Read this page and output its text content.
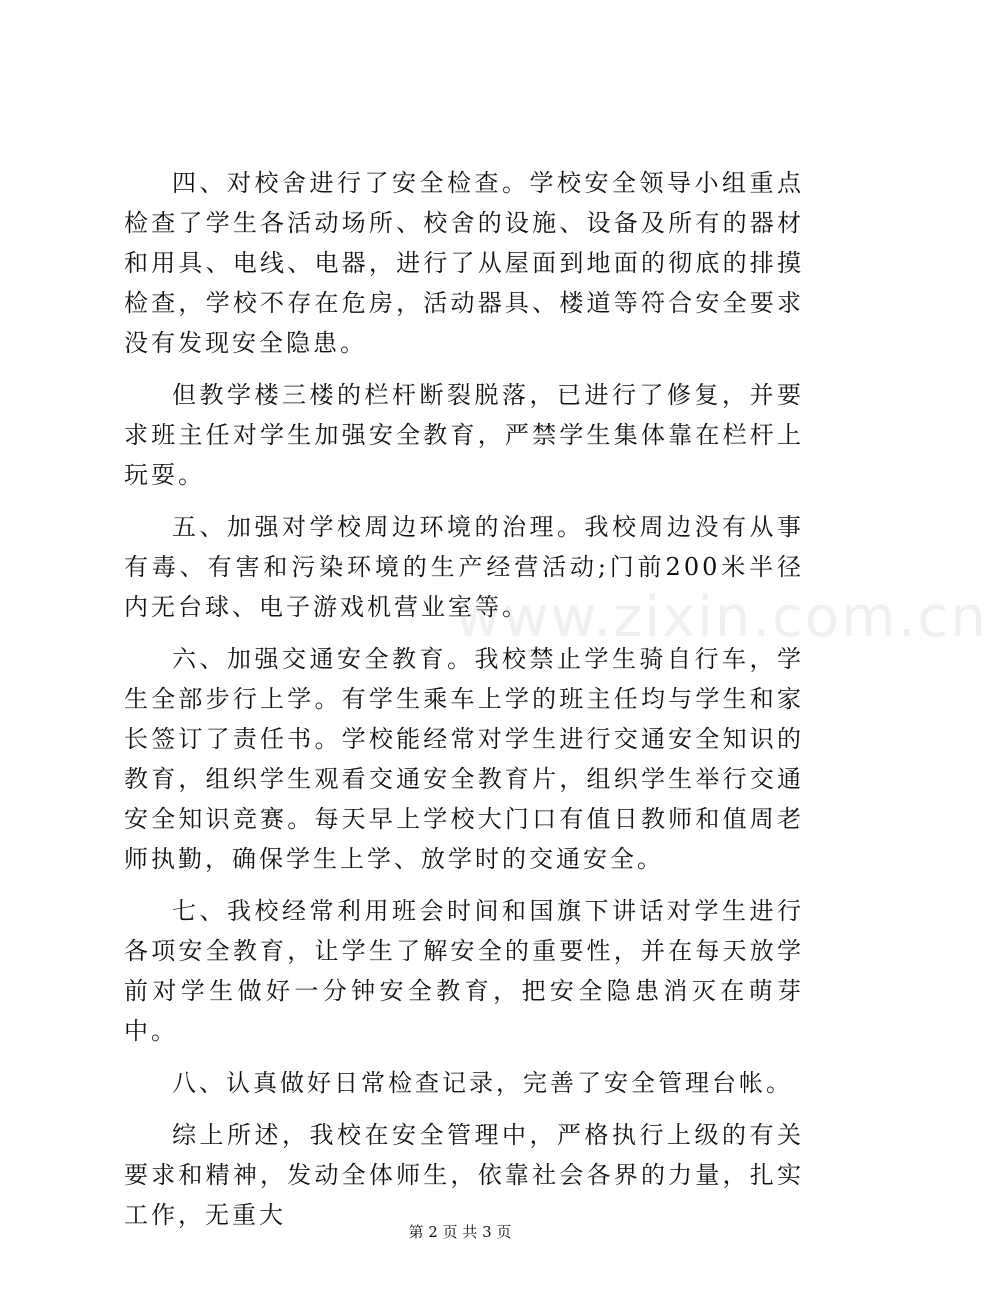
www.zixin.com.cn

四、对校舍进行了安全检查。学校安全领导小组重点检查了学生各活动场所、校舍的设施、设备及所有的器材和用具、电线、电器，进行了从屋面到地面的彻底的排摸检查，学校不存在危房，活动器具、楼道等符合安全要求没有发现安全隐患。

但教学楼三楼的栏杆断裂脱落，已进行了修复，并要求班主任对学生加强安全教育，严禁学生集体靠在栏杆上玩耍。

五、加强对学校周边环境的治理。我校周边没有从事有毒、有害和污染环境的生产经营活动;门前200米半径内无台球、电子游戏机营业室等。

六、加强交通安全教育。我校禁止学生骑自行车，学生全部步行上学。有学生乘车上学的班主任均与学生和家长签订了责任书。学校能经常对学生进行交通安全知识的教育，组织学生观看交通安全教育片，组织学生举行交通安全知识竞赛。每天早上学校大门口有值日教师和值周老师执勤，确保学生上学、放学时的交通安全。

七、我校经常利用班会时间和国旗下讲话对学生进行各项安全教育，让学生了解安全的重要性，并在每天放学前对学生做好一分钟安全教育，把安全隐患消灭在萌芽中。

八、认真做好日常检查记录，完善了安全管理台帐。

综上所述，我校在安全管理中，严格执行上级的有关要求和精神，发动全体师生，依靠社会各界的力量，扎实工作，无重大

第 2 页 共 3 页
